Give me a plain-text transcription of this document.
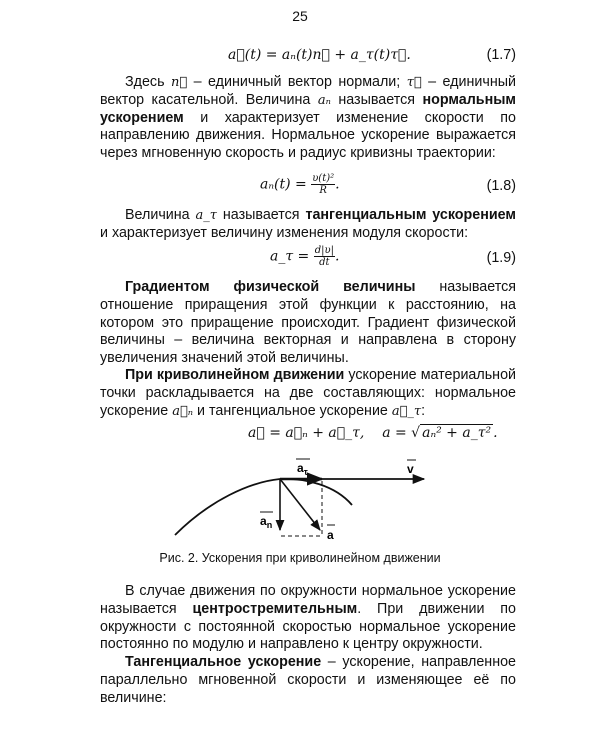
25
a⃗(t) = aₙ(t)n⃗ + a_τ(t)τ⃗.	(1.7)
Здесь n⃗ – единичный вектор нормали; τ⃗ – единичный вектор касательной. Величина aₙ называется нормальным ускорением и характеризует изменение скорости по направлению движения. Нормальное ускорение выражается через мгновенную скорость и радиус кривизны траектории:
$a_n(t) = \frac{\text{υ(t)²}}{R}$ .	(1.8)
Величина a_τ называется тангенциальным ускорением и характеризует величину изменения модуля скорости:
a_τ = $\frac{d|\upsilon|}{dt}$ .	(1.9)
Градиентом физической величины называется отношение приращения этой функции к расстоянию, на котором это приращение происходит. Градиент физической величины – величина векторная и направлена в сторону увеличения значений этой величины.
При криволинейном движении ускорение материальной точки раскладывается на две составляющих: нормальное ускорение a⃗ₙ и тангенциальное ускорение a⃗_τ:
a⃗ = a⃗ₙ + a⃗_τ, a = √ aₙ² + a_τ² .
$a_\tau$	v
$a_n$
a
Рис. 2. Ускорения при криволинейном движении
В случае движения по окружности нормальное ускорение называется центростремительным. При движении по окружности с постоянной скоростью нормальное ускорение постоянно по модулю и направлено к центру окружности.
Тангенциальное ускорение – ускорение, направленное параллельно мгновенной скорости и изменяющее её по величине:
